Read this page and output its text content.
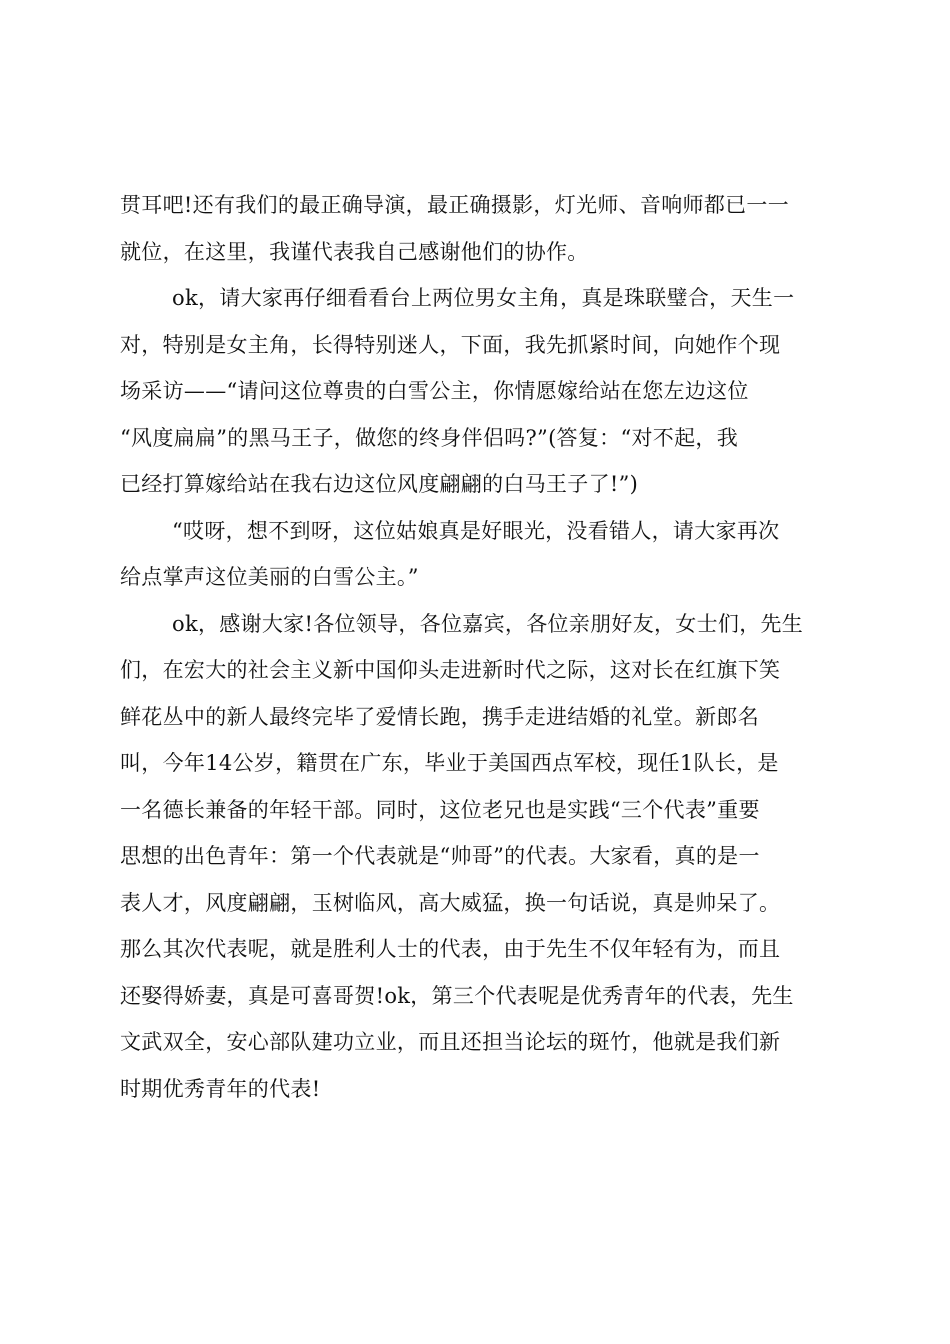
贯耳吧!还有我们的最正确导演，最正确摄影，灯光师、音响师都已一一
就位，在这里，我谨代表我自己感谢他们的协作。

ok，请大家再仔细看看台上两位男女主角，真是珠联璧合，天生一
对，特别是女主角，长得特别迷人，下面，我先抓紧时间，向她作个现
场采访——“请问这位尊贵的白雪公主，你情愿嫁给站在您左边这位
“风度扁扁”的黑马王子，做您的终身伴侣吗?”(答复：“对不起，我
已经打算嫁给站在我右边这位风度翩翩的白马王子了!”)

“哎呀，想不到呀，这位姑娘真是好眼光，没看错人，请大家再次
给点掌声这位美丽的白雪公主。”

ok，感谢大家!各位领导，各位嘉宾，各位亲朋好友，女士们，先生
们，在宏大的社会主义新中国仰头走进新时代之际，这对长在红旗下笑
鲜花丛中的新人最终完毕了爱情长跑，携手走进结婚的礼堂。新郎名
叫，今年14公岁，籍贯在广东，毕业于美国西点军校，现任1队长，是
一名德长兼备的年轻干部。同时，这位老兄也是实践“三个代表”重要
思想的出色青年：第一个代表就是“帅哥”的代表。大家看，真的是一
表人才，风度翩翩，玉树临风，高大威猛，换一句话说，真是帅呆了。
那么其次代表呢，就是胜利人士的代表，由于先生不仅年轻有为，而且
还娶得娇妻，真是可喜哥贺!ok，第三个代表呢是优秀青年的代表，先生
文武双全，安心部队建功立业，而且还担当论坛的斑竹，他就是我们新
时期优秀青年的代表!
